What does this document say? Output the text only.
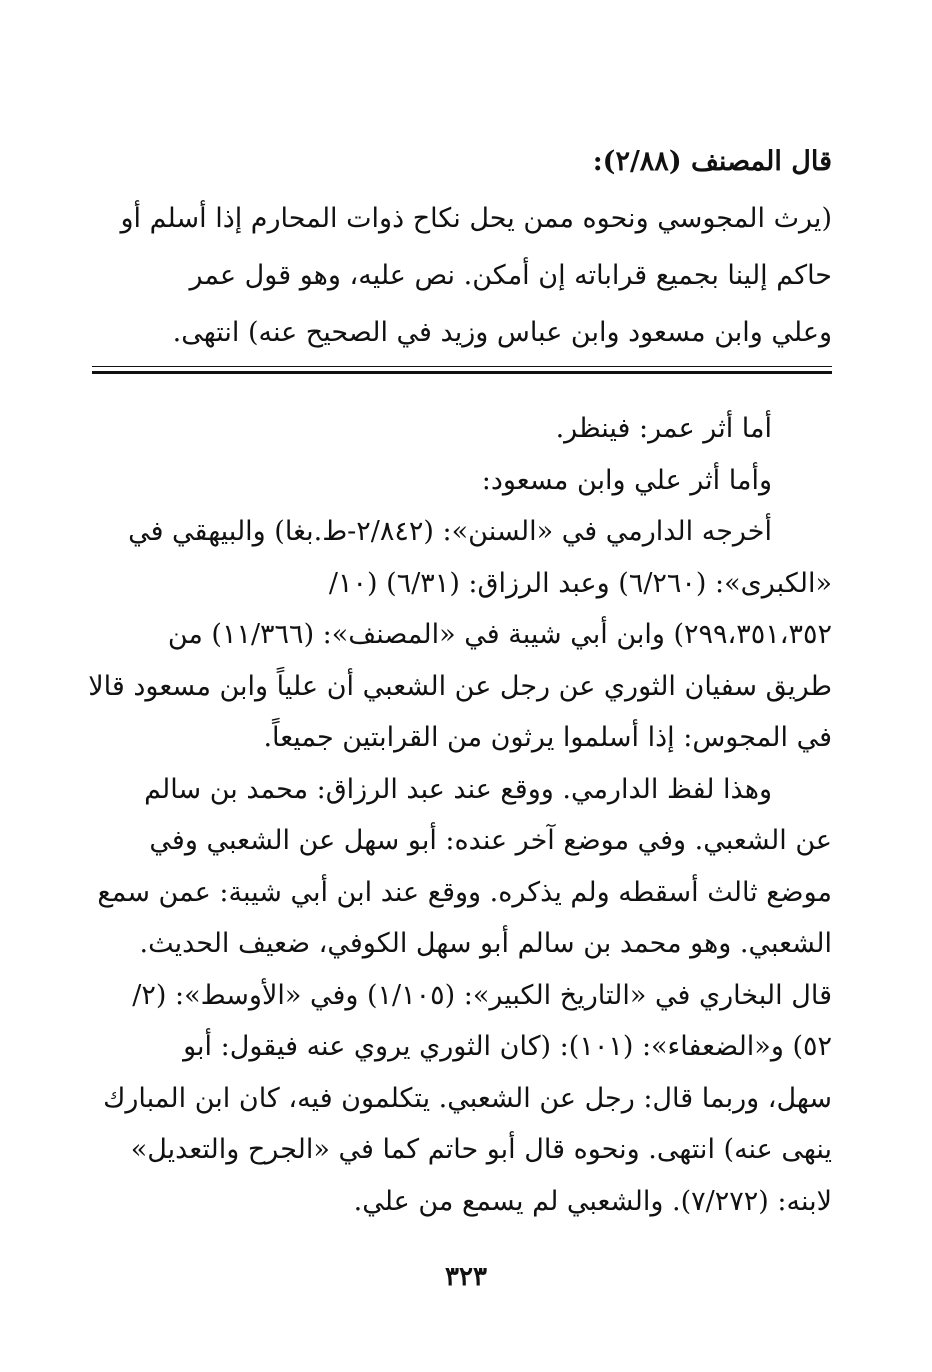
قال المصنف (٢/٨٨):

(يرث المجوسي ونحوه ممن يحل نكاح ذوات المحارم إذا أسلم أو

حاكم إلينا بجميع قراباته إن أمكن. نص عليه، وهو قول عمر

وعلي وابن مسعود وابن عباس وزيد في الصحيح عنه) انتهى.

أما أثر عمر: فينظر.

وأما أثر علي وابن مسعود:

أخرجه الدارمي في «السنن»: (٢/٨٤٢-ط.بغا) والبيهقي في

«الكبرى»: (٦/٢٦٠) وعبد الرزاق: (٦/٣١) (١٠/

٢٩٩،٣٥١،٣٥٢) وابن أبي شيبة في «المصنف»: (١١/٣٦٦) من

طريق سفيان الثوري عن رجل عن الشعبي أن علياً وابن مسعود قالا

في المجوس: إذا أسلموا يرثون من القرابتين جميعاً.

وهذا لفظ الدارمي. ووقع عند عبد الرزاق: محمد بن سالم

عن الشعبي. وفي موضع آخر عنده: أبو سهل عن الشعبي وفي

موضع ثالث أسقطه ولم يذكره. ووقع عند ابن أبي شيبة: عمن سمع

الشعبي. وهو محمد بن سالم أبو سهل الكوفي، ضعيف الحديث.

قال البخاري في «التاريخ الكبير»: (١/١٠٥) وفي «الأوسط»: (٢/

٥٢) و«الضعفاء»: (١٠١): (كان الثوري يروي عنه فيقول: أبو

سهل، وربما قال: رجل عن الشعبي. يتكلمون فيه، كان ابن المبارك

ينهى عنه) انتهى. ونحوه قال أبو حاتم كما في «الجرح والتعديل»

لابنه: (٧/٢٧٢). والشعبي لم يسمع من علي.

٣٢٣
